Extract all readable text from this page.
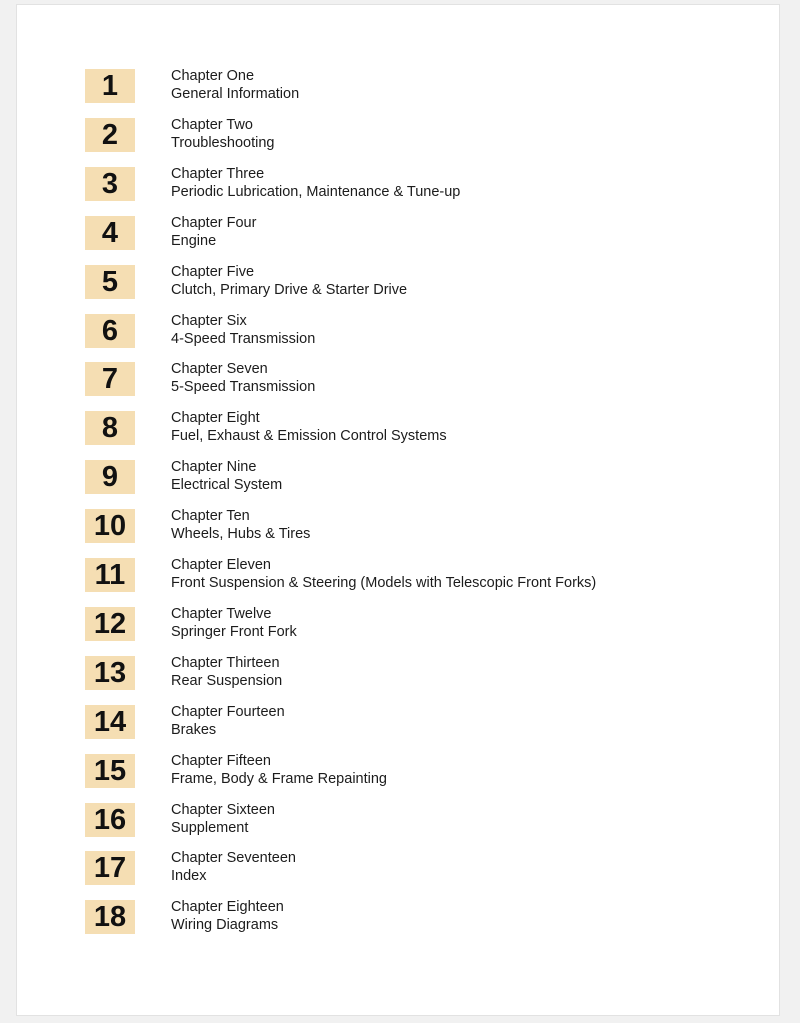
1	Chapter One
General Information
2	Chapter Two
Troubleshooting
3	Chapter Three
Periodic Lubrication, Maintenance & Tune-up
4	Chapter Four
Engine
5	Chapter Five
Clutch, Primary Drive & Starter Drive
6	Chapter Six
4-Speed Transmission
7	Chapter Seven
5-Speed Transmission
8	Chapter Eight
Fuel, Exhaust & Emission Control Systems
9	Chapter Nine
Electrical System
10	Chapter Ten
Wheels, Hubs & Tires
11	Chapter Eleven
Front Suspension & Steering (Models with Telescopic Front Forks)
12	Chapter Twelve
Springer Front Fork
13	Chapter Thirteen
Rear Suspension
14	Chapter Fourteen
Brakes
15	Chapter Fifteen
Frame, Body & Frame Repainting
16	Chapter Sixteen
Supplement
17	Chapter Seventeen
Index
18	Chapter Eighteen
Wiring Diagrams
